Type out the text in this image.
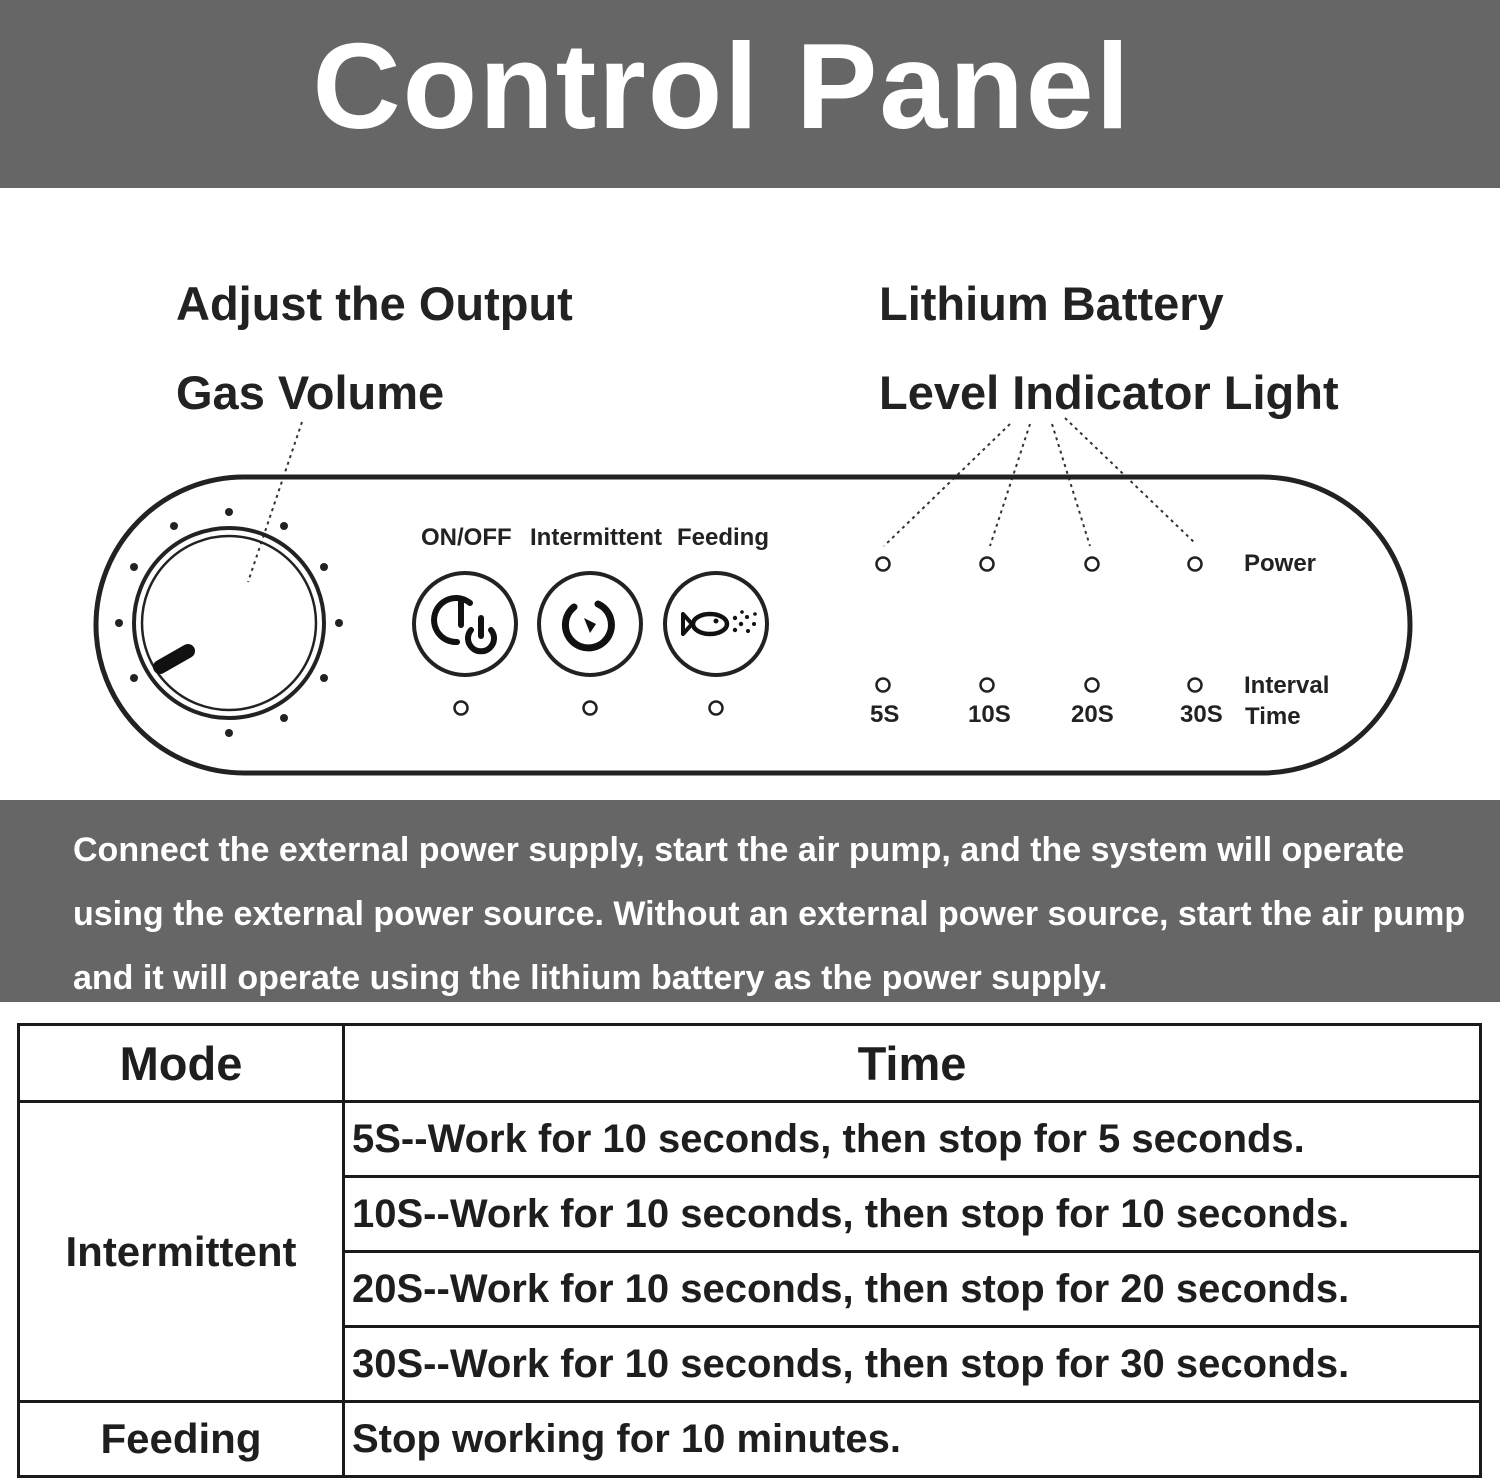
Control Panel
Adjust the Output
Gas Volume
Lithium Battery
Level Indicator Light
ON/OFF Intermittent Feeding
Power
Interval
Time
5S	10S	20S	30S

Connect the external power supply, start the air pump, and the system will operate using the external power source. Without an external power source, start the air pump and it will operate using the lithium battery as the power supply.

Mode	Time
Intermittent	5S--Work for 10 seconds, then stop for 5 seconds.
	10S--Work for 10 seconds, then stop for 10 seconds.
	20S--Work for 10 seconds, then stop for 20 seconds.
	30S--Work for 10 seconds, then stop for 30 seconds.
Feeding	Stop working for 10 minutes.
